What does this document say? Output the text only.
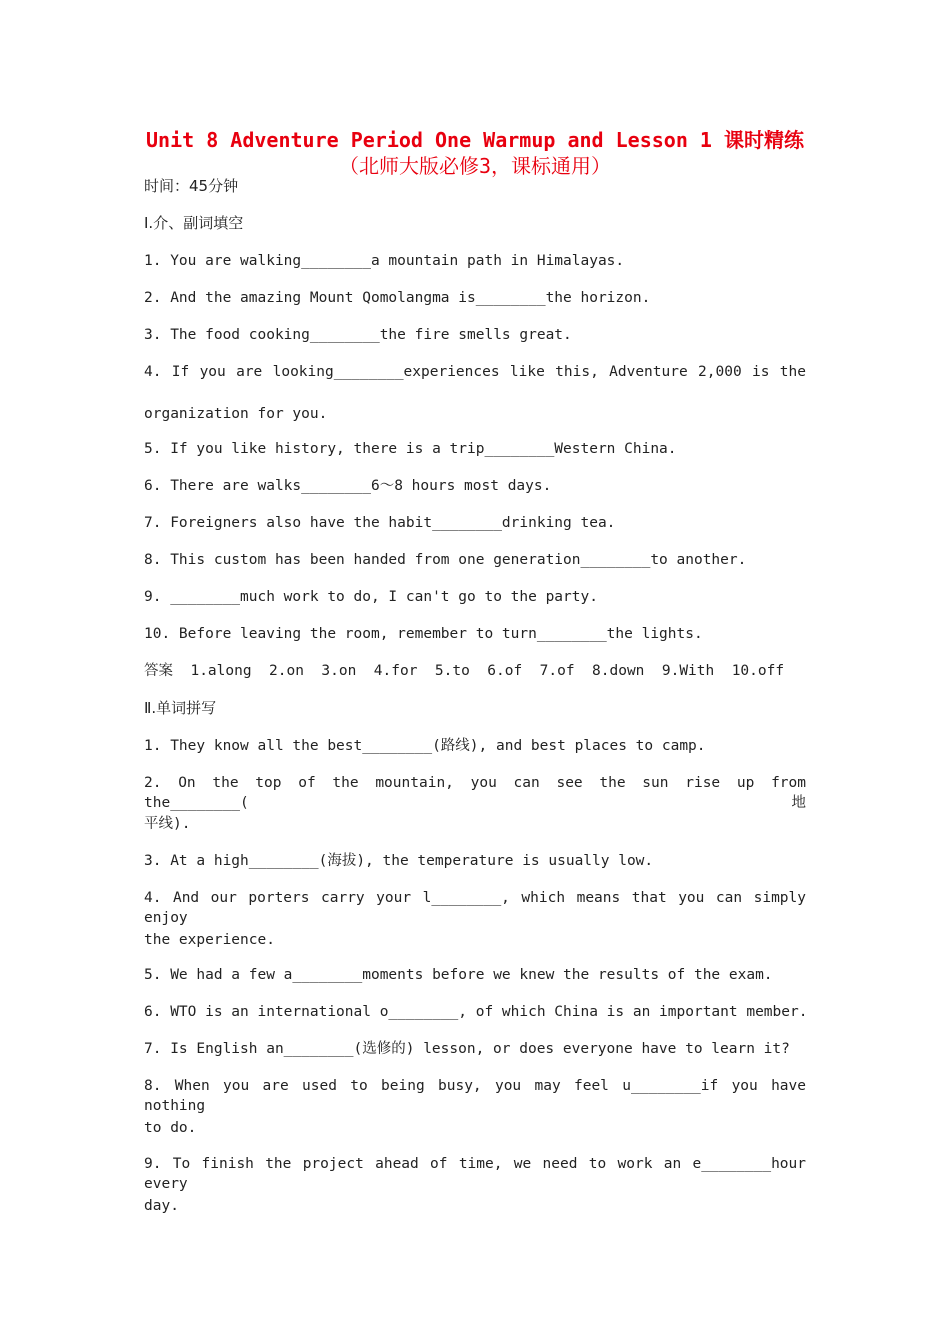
Unit 8 Adventure Period One Warmup and Lesson 1 课时精练
（北师大版必修3，课标通用）
时间：45分钟
Ⅰ.介、副词填空
1. You are walking________a mountain path in Himalayas.
2. And the amazing Mount Qomolangma is________the horizon.
3. The food cooking________the fire smells great.
4. If you are looking________experiences like this, Adventure 2,000 is the
organization for you.
5. If you like history, there is a trip________Western China.
6. There are walks________6～8 hours most days.
7. Foreigners also have the habit________drinking tea.
8. This custom has been handed from one generation________to another.
9. ________much work to do, I can't go to the party.
10. Before leaving the room, remember to turn________the lights.
答案  1.along  2.on  3.on  4.for  5.to  6.of  7.of  8.down  9.With  10.off
Ⅱ.单词拼写
1. They know all the best________(路线), and best places to camp.
2. On the top of the mountain, you can see the sun rise up from the________(地
平线).
3. At a high________(海拔), the temperature is usually low.
4. And our porters carry your l________, which means that you can simply enjoy
the experience.
5. We had a few a________moments before we knew the results of the exam.
6. WTO is an international o________, of which China is an important member.
7. Is English an________(选修的) lesson, or does everyone have to learn it?
8. When you are used to being busy, you may feel u________if you have nothing
to do.
9. To finish the project ahead of time, we need to work an e________hour every
day.
